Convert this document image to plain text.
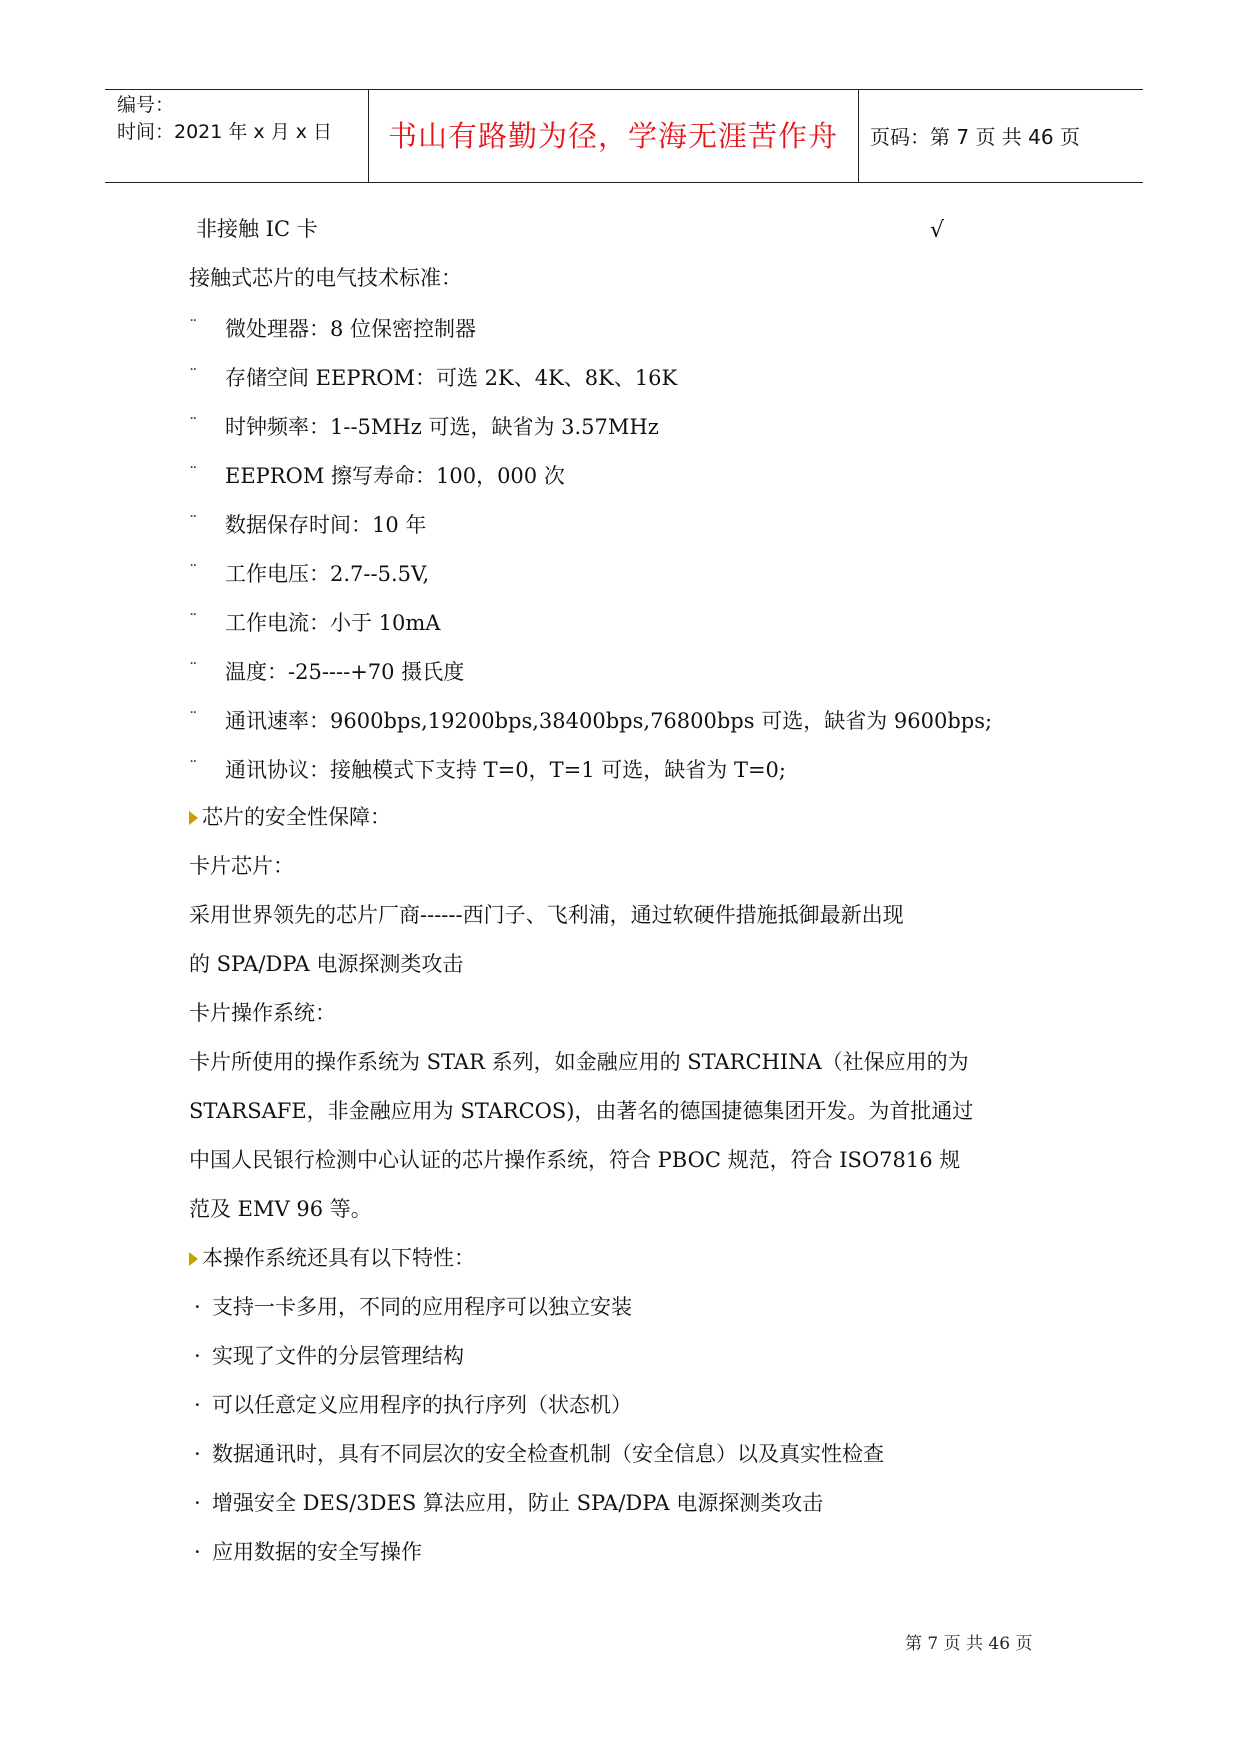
编号：
时间：2021 年 x 月 x 日	书山有路勤为径，学海无涯苦作舟	页码：第 7 页 共 46 页
非接触 IC 卡	√
接触式芯片的电气技术标准：
¨ 微处理器：8 位保密控制器
¨ 存储空间 EEPROM：可选 2K、4K、8K、16K
¨ 时钟频率：1--5MHz 可选，缺省为 3.57MHz
¨ EEPROM 擦写寿命：100，000 次
¨ 数据保存时间：10 年
¨ 工作电压：2.7--5.5V,
¨ 工作电流：小于 10mA
¨ 温度：-25----+70 摄氏度
¨ 通讯速率：9600bps,19200bps,38400bps,76800bps 可选，缺省为 9600bps;
¨ 通讯协议：接触模式下支持 T=0，T=1 可选，缺省为 T=0;
芯片的安全性保障：
卡片芯片：
采用世界领先的芯片厂商------西门子、飞利浦，通过软硬件措施抵御最新出现
的 SPA/DPA 电源探测类攻击
卡片操作系统：
卡片所使用的操作系统为 STAR 系列，如金融应用的 STARCHINA（社保应用的为
STARSAFE，非金融应用为 STARCOS)，由著名的德国捷德集团开发。为首批通过
中国人民银行检测中心认证的芯片操作系统，符合 PBOC 规范，符合 ISO7816 规
范及 EMV 96 等。
本操作系统还具有以下特性：
· 支持一卡多用，不同的应用程序可以独立安装
· 实现了文件的分层管理结构
· 可以任意定义应用程序的执行序列（状态机）
· 数据通讯时，具有不同层次的安全检查机制（安全信息）以及真实性检查
· 增强安全 DES/3DES 算法应用，防止 SPA/DPA 电源探测类攻击
· 应用数据的安全写操作
第 7 页 共 46 页
